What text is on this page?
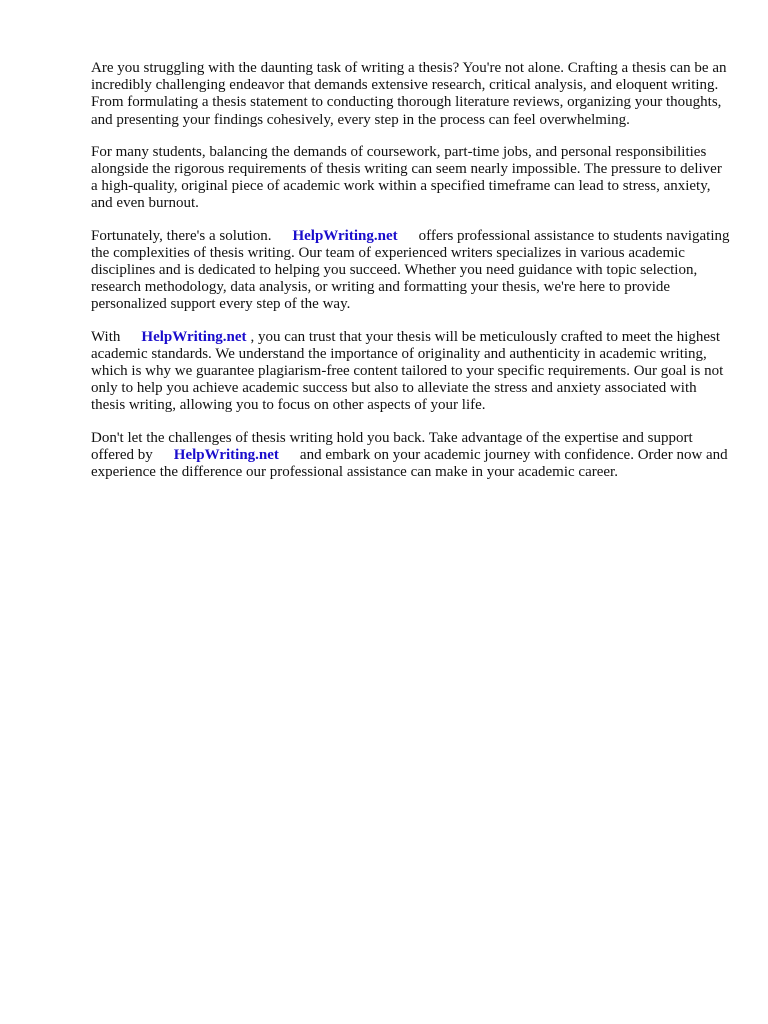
Are you struggling with the daunting task of writing a thesis? You're not alone. Crafting a thesis can be an incredibly challenging endeavor that demands extensive research, critical analysis, and eloquent writing. From formulating a thesis statement to conducting thorough literature reviews, organizing your thoughts, and presenting your findings cohesively, every step in the process can feel overwhelming.

For many students, balancing the demands of coursework, part-time jobs, and personal responsibilities alongside the rigorous requirements of thesis writing can seem nearly impossible. The pressure to deliver a high-quality, original piece of academic work within a specified timeframe can lead to stress, anxiety, and even burnout.

Fortunately, there's a solution. HelpWriting.net offers professional assistance to students navigating the complexities of thesis writing. Our team of experienced writers specializes in various academic disciplines and is dedicated to helping you succeed. Whether you need guidance with topic selection, research methodology, data analysis, or writing and formatting your thesis, we're here to provide personalized support every step of the way.

With HelpWriting.net , you can trust that your thesis will be meticulously crafted to meet the highest academic standards. We understand the importance of originality and authenticity in academic writing, which is why we guarantee plagiarism-free content tailored to your specific requirements. Our goal is not only to help you achieve academic success but also to alleviate the stress and anxiety associated with thesis writing, allowing you to focus on other aspects of your life.

Don't let the challenges of thesis writing hold you back. Take advantage of the expertise and support offered by HelpWriting.net and embark on your academic journey with confidence. Order now and experience the difference our professional assistance can make in your academic career.
